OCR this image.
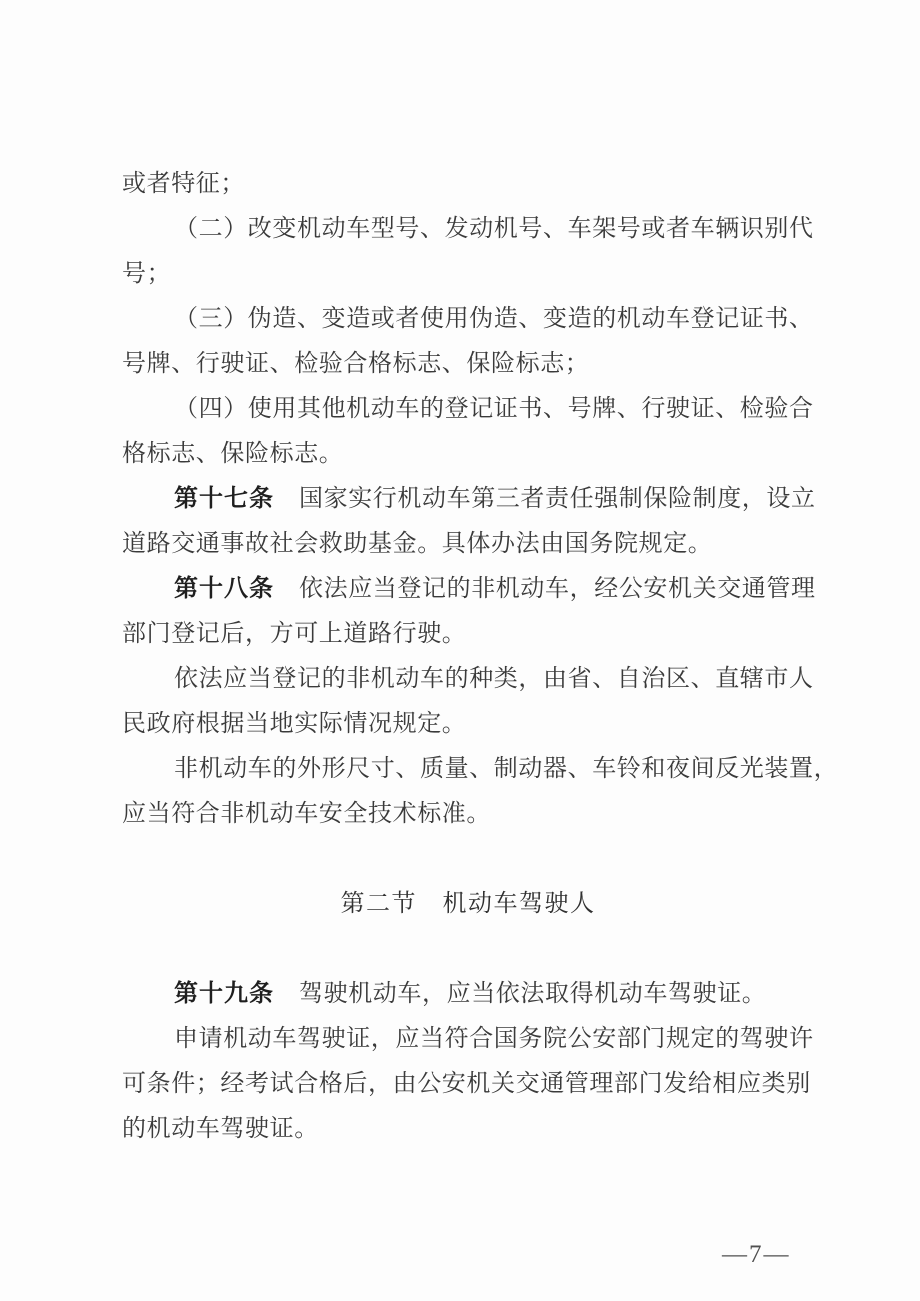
或者特征；
（二）改变机动车型号、发动机号、车架号或者车辆识别代
号；
（三）伪造、变造或者使用伪造、变造的机动车登记证书、
号牌、行驶证、检验合格标志、保险标志；
（四）使用其他机动车的登记证书、号牌、行驶证、检验合
格标志、保险标志。
第十七条 国家实行机动车第三者责任强制保险制度，设立
道路交通事故社会救助基金。具体办法由国务院规定。
第十八条 依法应当登记的非机动车，经公安机关交通管理
部门登记后，方可上道路行驶。
依法应当登记的非机动车的种类，由省、自治区、直辖市人
民政府根据当地实际情况规定。
非机动车的外形尺寸、质量、制动器、车铃和夜间反光装置，
应当符合非机动车安全技术标准。
第二节　机动车驾驶人
第十九条 驾驶机动车，应当依法取得机动车驾驶证。
申请机动车驾驶证，应当符合国务院公安部门规定的驾驶许
可条件；经考试合格后，由公安机关交通管理部门发给相应类别
的机动车驾驶证。
—7—
